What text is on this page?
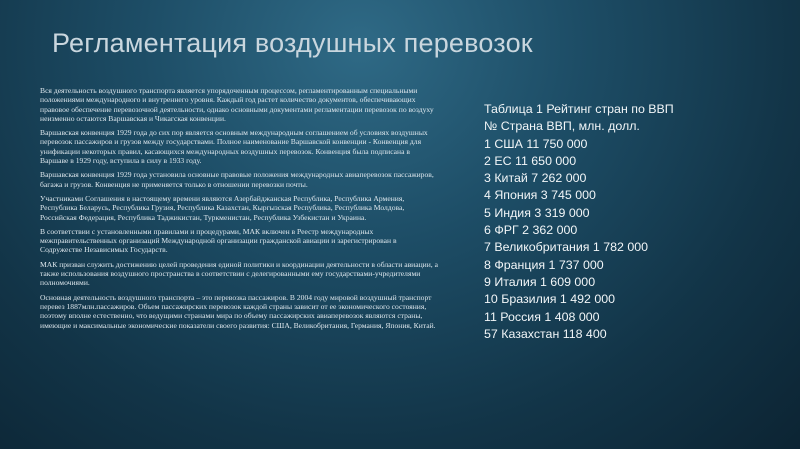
Регламентация воздушных перевозок

Вся деятельность воздушного транспорта является упорядоченным процессом, регламентированным специальными положениями международного и внутреннего уровня. Каждый год растет количество документов, обеспечивающих правовое обеспечение перевозочной деятельности, однако основными документами регламентации перевозок по воздуху неизменно остаются Варшавская и Чикагская конвенции.

Варшавская конвенция 1929 года до сих пор является основным международным соглашением об условиях воздушных перевозок пассажиров и грузов между государствами. Полное наименование Варшавской конвенции - Конвенция для унификации некоторых правил, касающихся международных воздушных перевозок. Конвенция была подписана в Варшаве в 1929 году, вступила в силу в 1933 году.

Варшавская конвенция 1929 года установила основные правовые положения международных авиаперевозок пассажиров, багажа и грузов. Конвенция не применяется только в отношении перевозки почты.

Участниками Соглашения в настоящему времени являются Азербайджанская Республика, Республика Армения, Республика Беларусь, Республика Грузия, Республика Казахстан, Кыргызская Республика, Республика Молдова, Российская Федерация, Республика Таджикистан, Туркменистан, Республика Узбекистан и Украина.

В соответствии с установленными правилами и процедурами, МАК включен в Реестр международных межправительственных организаций Международной организации гражданской авиации и зарегистрирован в Содружестве Независимых Государств.

МАК призван служить достижению целей проведения единой политики и координации деятельности в области авиации, а также использования воздушного пространства в соответствии с делегированными ему государствами-учредителями полномочиями.

Основная деятельность воздушного транспорта – это перевозка пассажиров. В 2004 году мировой воздушный транспорт перевез 1887млн.пассажиров. Объем пассажирских перевозок каждой страны зависит от ее экономического состояния, поэтому вполне естественно, что ведущими странами мира по объему пассажирских авиаперевозок являются страны, имеющие и максимальные экономические показатели своего развития: США, Великобритания, Германия, Япония, Китай.

Таблица 1 Рейтинг стран по ВВП
№ Страна ВВП, млн. долл.
1 США 11 750 000
2 ЕС 11 650 000
3 Китай 7 262 000
4 Япония 3 745 000
5 Индия 3 319 000
6 ФРГ 2 362 000
7 Великобритания 1 782 000
8 Франция 1 737 000
9 Италия 1 609 000
10 Бразилия 1 492 000
11 Россия 1 408 000
57 Казахстан 118 400
